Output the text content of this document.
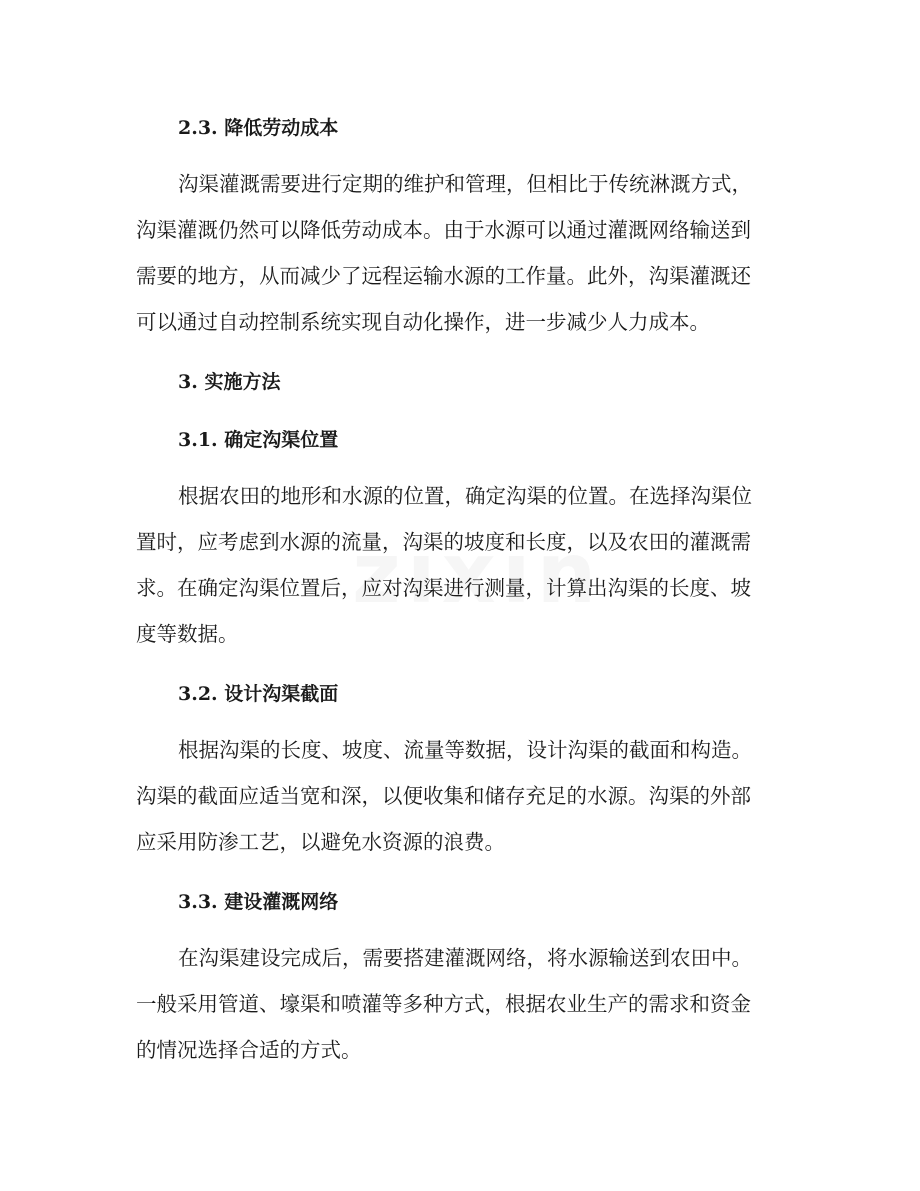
2.3. 降低劳动成本
沟渠灌溉需要进行定期的维护和管理，但相比于传统淋溉方式，
沟渠灌溉仍然可以降低劳动成本。由于水源可以通过灌溉网络输送到
需要的地方，从而减少了远程运输水源的工作量。此外，沟渠灌溉还
可以通过自动控制系统实现自动化操作，进一步减少人力成本。
3. 实施方法
3.1. 确定沟渠位置
根据农田的地形和水源的位置，确定沟渠的位置。在选择沟渠位
置时，应考虑到水源的流量，沟渠的坡度和长度，以及农田的灌溉需
求。在确定沟渠位置后，应对沟渠进行测量，计算出沟渠的长度、坡
度等数据。
3.2. 设计沟渠截面
根据沟渠的长度、坡度、流量等数据，设计沟渠的截面和构造。
沟渠的截面应适当宽和深，以便收集和储存充足的水源。沟渠的外部
应采用防渗工艺，以避免水资源的浪费。
3.3. 建设灌溉网络
在沟渠建设完成后，需要搭建灌溉网络，将水源输送到农田中。
一般采用管道、壕渠和喷灌等多种方式，根据农业生产的需求和资金
的情况选择合适的方式。
